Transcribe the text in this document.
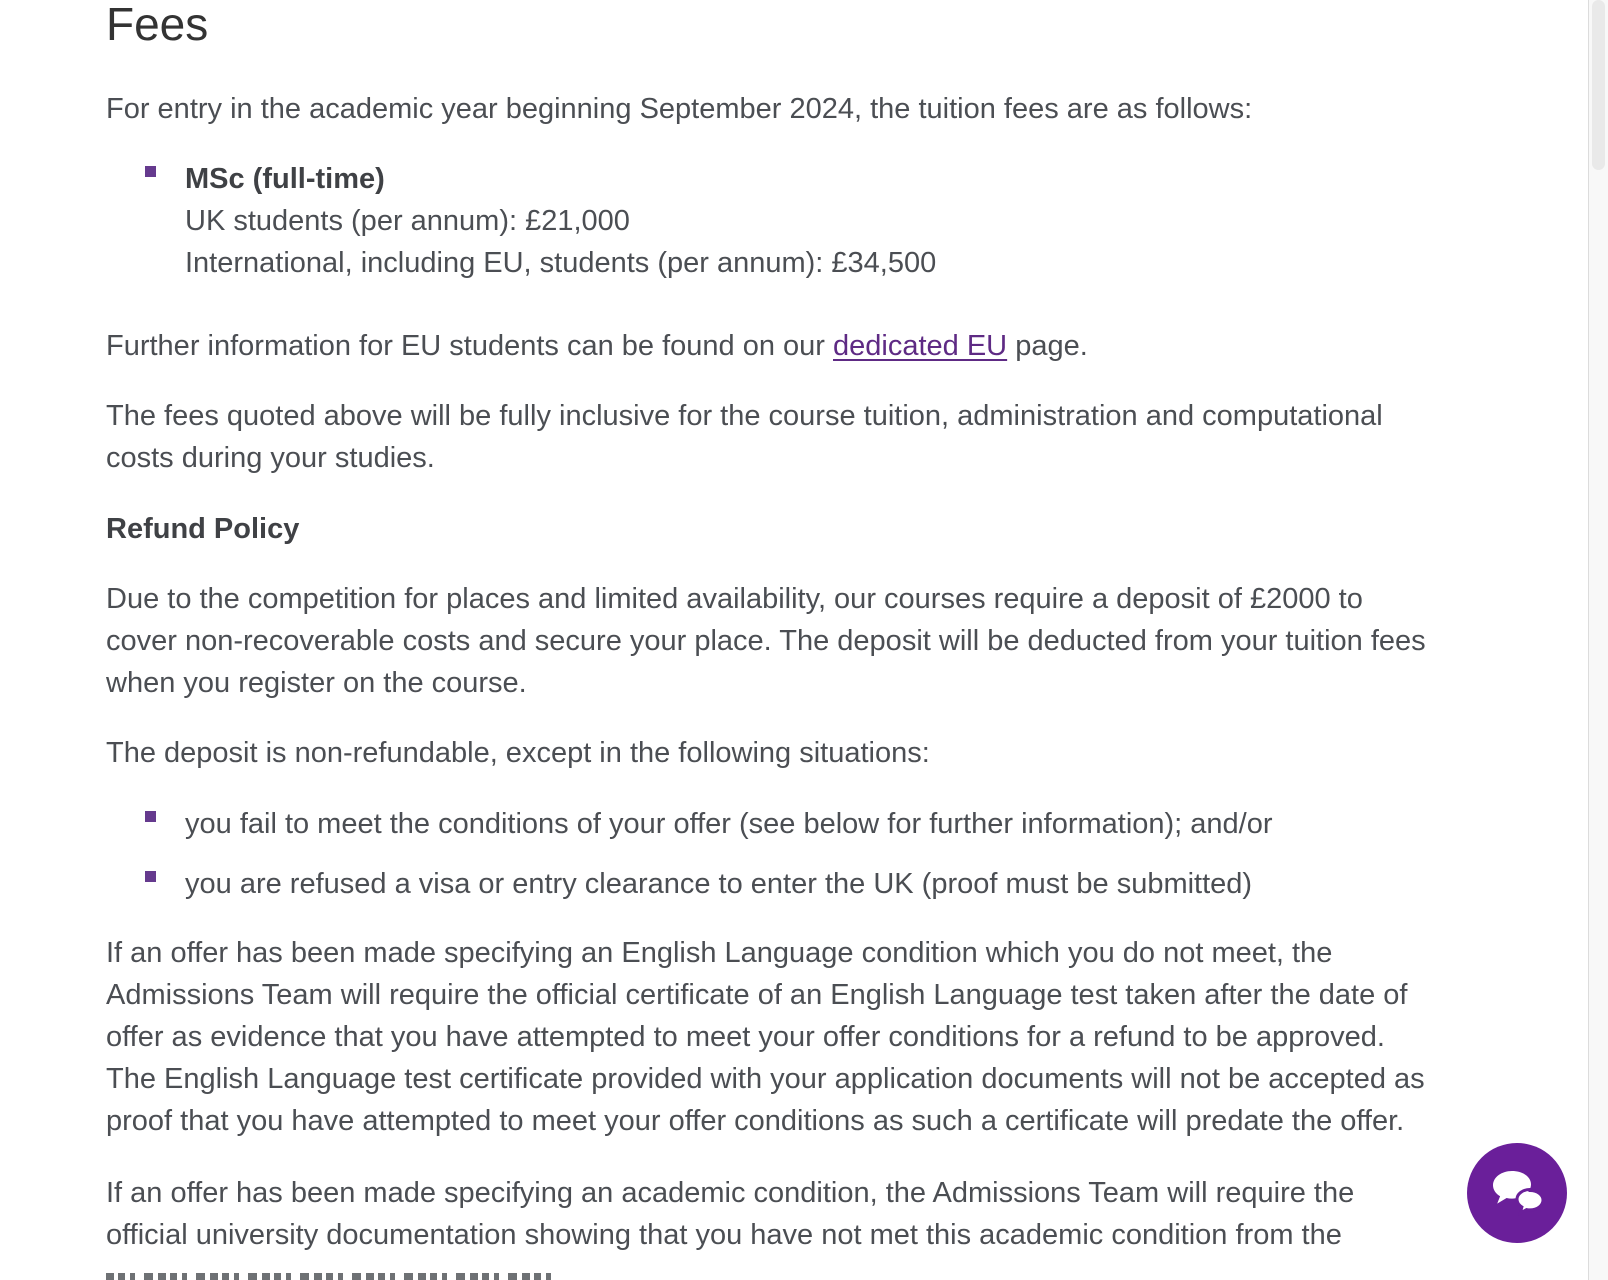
Fees

For entry in the academic year beginning September 2024, the tuition fees are as follows:

MSc (full-time)
UK students (per annum): £21,000
International, including EU, students (per annum): £34,500

Further information for EU students can be found on our dedicated EU page.

The fees quoted above will be fully inclusive for the course tuition, administration and computational
costs during your studies.
Refund Policy
Due to the competition for places and limited availability, our courses require a deposit of £2000 to
cover non-recoverable costs and secure your place. The deposit will be deducted from your tuition fees
when you register on the course.

The deposit is non-refundable, except in the following situations:

you fail to meet the conditions of your offer (see below for further information); and/or
you are refused a visa or entry clearance to enter the UK (proof must be submitted)
If an offer has been made specifying an English Language condition which you do not meet, the
Admissions Team will require the official certificate of an English Language test taken after the date of
offer as evidence that you have attempted to meet your offer conditions for a refund to be approved.
The English Language test certificate provided with your application documents will not be accepted as
proof that you have attempted to meet your offer conditions as such a certificate will predate the offer.
If an offer has been made specifying an academic condition, the Admissions Team will require the
official university documentation showing that you have not met this academic condition from the
